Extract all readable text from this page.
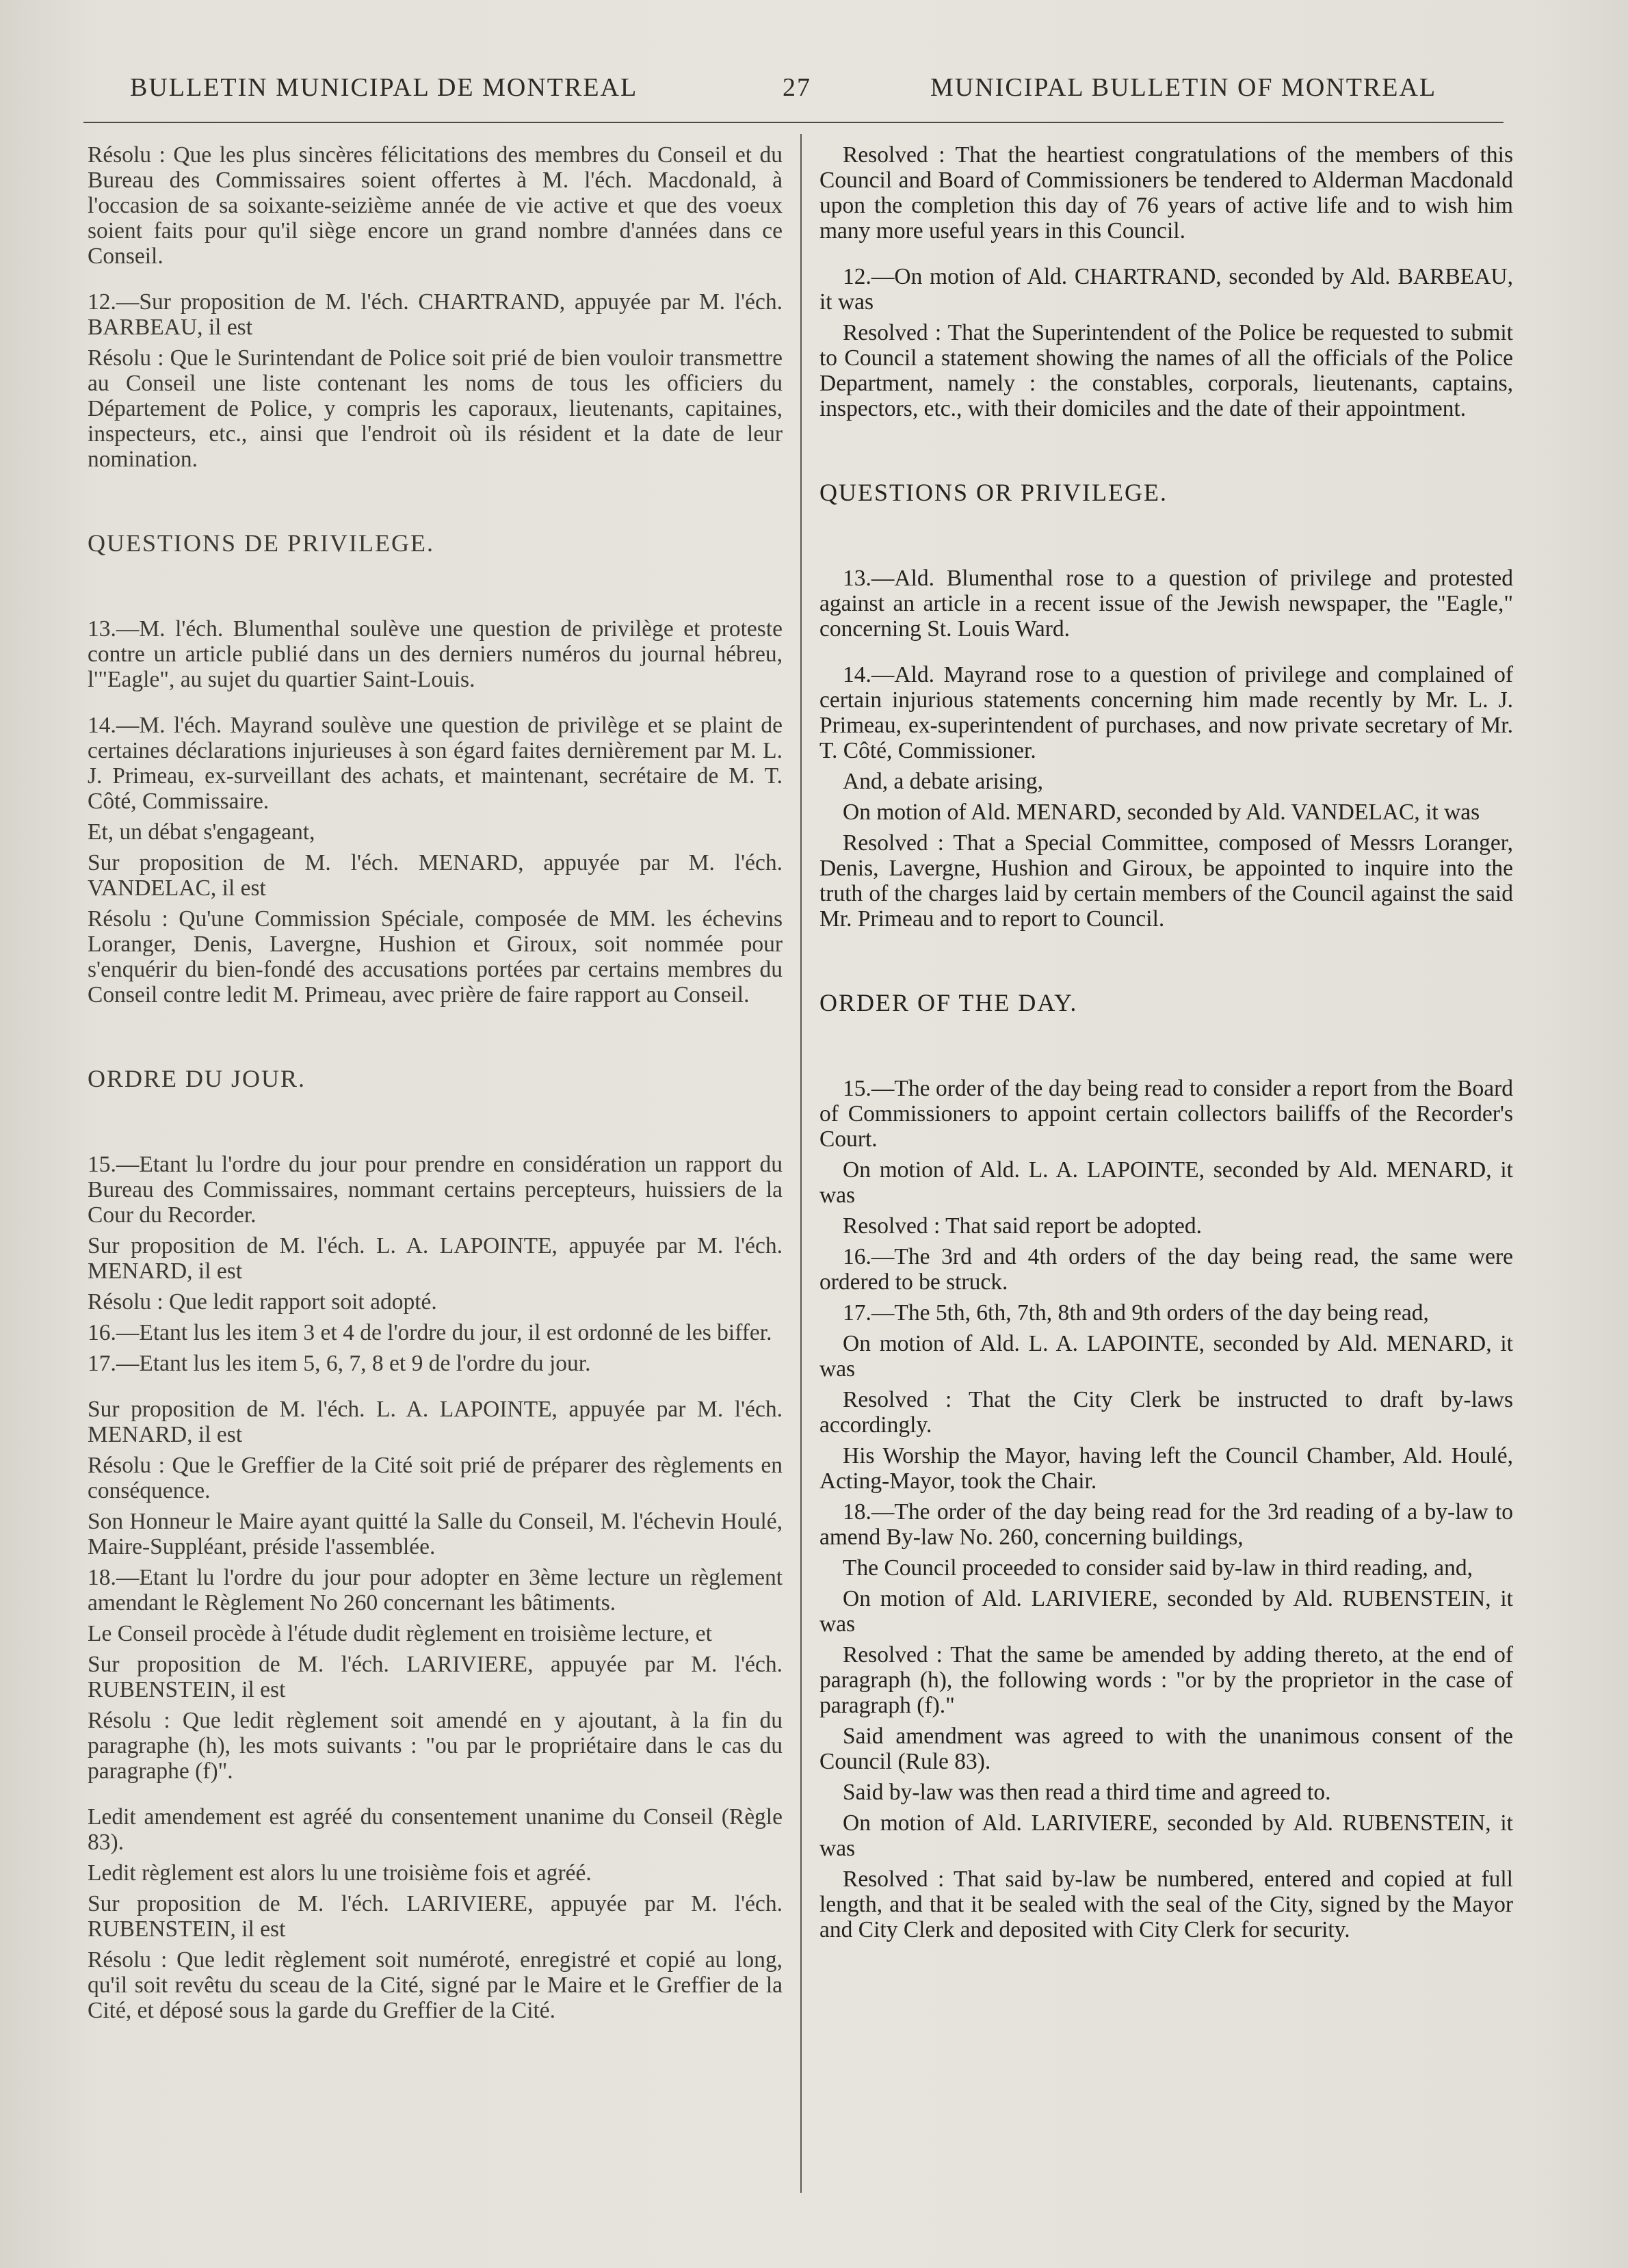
BULLETIN MUNICIPAL DE MONTREAL	27	MUNICIPAL BULLETIN OF MONTREAL

Résolu : Que les plus sincères félicitations des membres du Conseil et du Bureau des Commissaires soient offertes à M. l'éch. Macdonald, à l'occasion de sa soixante-seizième année de vie active et que des voeux soient faits pour qu'il siège encore un grand nombre d'années dans ce Conseil.

12.—Sur proposition de M. l'éch. CHARTRAND, appuyée par M. l'éch. BARBEAU, il est

Résolu : Que le Surintendant de Police soit prié de bien vouloir transmettre au Conseil une liste contenant les noms de tous les officiers du Département de Police, y compris les caporaux, lieutenants, capitaines, inspecteurs, etc., ainsi que l'endroit où ils résident et la date de leur nomination.

QUESTIONS DE PRIVILEGE.

13.—M. l'éch. Blumenthal soulève une question de privilège et proteste contre un article publié dans un des derniers numéros du journal hébreu, l'"Eagle", au sujet du quartier Saint-Louis.

14.—M. l'éch. Mayrand soulève une question de privilège et se plaint de certaines déclarations injurieuses à son égard faites dernièrement par M. L. J. Primeau, ex-surveillant des achats, et maintenant, secrétaire de M. T. Côté, Commissaire.

Et, un débat s'engageant,

Sur proposition de M. l'éch. MENARD, appuyée par M. l'éch. VANDELAC, il est

Résolu : Qu'une Commission Spéciale, composée de MM. les échevins Loranger, Denis, Lavergne, Hushion et Giroux, soit nommée pour s'enquérir du bien-fondé des accusations portées par certains membres du Conseil contre ledit M. Primeau, avec prière de faire rapport au Conseil.

ORDRE DU JOUR.

15.—Etant lu l'ordre du jour pour prendre en considération un rapport du Bureau des Commissaires, nommant certains percepteurs, huissiers de la Cour du Recorder.

Sur proposition de M. l'éch. L. A. LAPOINTE, appuyée par M. l'éch. MENARD, il est

Résolu : Que ledit rapport soit adopté.

16.—Etant lus les item 3 et 4 de l'ordre du jour, il est ordonné de les biffer.

17.—Etant lus les item 5, 6, 7, 8 et 9 de l'ordre du jour.

Sur proposition de M. l'éch. L. A. LAPOINTE, appuyée par M. l'éch. MENARD, il est

Résolu : Que le Greffier de la Cité soit prié de préparer des règlements en conséquence.

Son Honneur le Maire ayant quitté la Salle du Conseil, M. l'échevin Houlé, Maire-Suppléant, préside l'assemblée.

18.—Etant lu l'ordre du jour pour adopter en 3ème lecture un règlement amendant le Règlement No 260 concernant les bâtiments.

Le Conseil procède à l'étude dudit règlement en troisième lecture, et

Sur proposition de M. l'éch. LARIVIERE, appuyée par M. l'éch. RUBENSTEIN, il est

Résolu : Que ledit règlement soit amendé en y ajoutant, à la fin du paragraphe (h), les mots suivants : "ou par le propriétaire dans le cas du paragraphe (f)".

Ledit amendement est agréé du consentement unanime du Conseil (Règle 83).

Ledit règlement est alors lu une troisième fois et agréé.

Sur proposition de M. l'éch. LARIVIERE, appuyée par M. l'éch. RUBENSTEIN, il est

Résolu : Que ledit règlement soit numéroté, enregistré et copié au long, qu'il soit revêtu du sceau de la Cité, signé par le Maire et le Greffier de la Cité, et déposé sous la garde du Greffier de la Cité.

Resolved : That the heartiest congratulations of the members of this Council and Board of Commissioners be tendered to Alderman Macdonald upon the completion this day of 76 years of active life and to wish him many more useful years in this Council.

12.—On motion of Ald. CHARTRAND, seconded by Ald. BARBEAU, it was

Resolved : That the Superintendent of the Police be requested to submit to Council a statement showing the names of all the officials of the Police Department, namely : the constables, corporals, lieutenants, captains, inspectors, etc., with their domiciles and the date of their appointment.

QUESTIONS OR PRIVILEGE.

13.—Ald. Blumenthal rose to a question of privilege and protested against an article in a recent issue of the Jewish newspaper, the "Eagle," concerning St. Louis Ward.

14.—Ald. Mayrand rose to a question of privilege and complained of certain injurious statements concerning him made recently by Mr. L. J. Primeau, ex-superintendent of purchases, and now private secretary of Mr. T. Côté, Commissioner.

And, a debate arising,

On motion of Ald. MENARD, seconded by Ald. VANDELAC, it was

Resolved : That a Special Committee, composed of Messrs Loranger, Denis, Lavergne, Hushion and Giroux, be appointed to inquire into the truth of the charges laid by certain members of the Council against the said Mr. Primeau and to report to Council.

ORDER OF THE DAY.

15.—The order of the day being read to consider a report from the Board of Commissioners to appoint certain collectors bailiffs of the Recorder's Court.

On motion of Ald. L. A. LAPOINTE, seconded by Ald. MENARD, it was

Resolved : That said report be adopted.

16.—The 3rd and 4th orders of the day being read, the same were ordered to be struck.

17.—The 5th, 6th, 7th, 8th and 9th orders of the day being read,

On motion of Ald. L. A. LAPOINTE, seconded by Ald. MENARD, it was

Resolved : That the City Clerk be instructed to draft by-laws accordingly.

His Worship the Mayor, having left the Council Chamber, Ald. Houlé, Acting-Mayor, took the Chair.

18.—The order of the day being read for the 3rd reading of a by-law to amend By-law No. 260, concerning buildings,

The Council proceeded to consider said by-law in third reading, and,

On motion of Ald. LARIVIERE, seconded by Ald. RUBENSTEIN, it was

Resolved : That the same be amended by adding thereto, at the end of paragraph (h), the following words : "or by the proprietor in the case of paragraph (f)."

Said amendment was agreed to with the unanimous consent of the Council (Rule 83).

Said by-law was then read a third time and agreed to.

On motion of Ald. LARIVIERE, seconded by Ald. RUBENSTEIN, it was

Resolved : That said by-law be numbered, entered and copied at full length, and that it be sealed with the seal of the City, signed by the Mayor and City Clerk and deposited with City Clerk for security.
